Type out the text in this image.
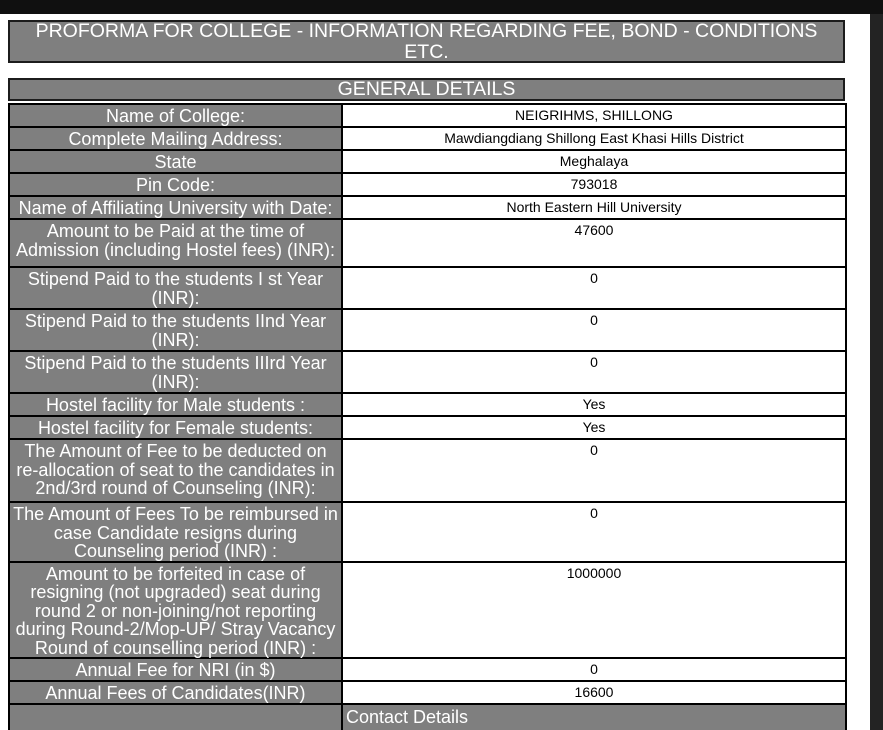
PROFORMA FOR COLLEGE - INFORMATION REGARDING FEE, BOND - CONDITIONS ETC.
GENERAL DETAILS
Name of College:	NEIGRIHMS, SHILLONG
Complete Mailing Address:	Mawdiangdiang Shillong East Khasi Hills District
State	Meghalaya
Pin Code:	793018
Name of Affiliating University with Date:	North Eastern Hill University
Amount to be Paid at the time of Admission (including Hostel fees) (INR):	47600
Stipend Paid to the students I st Year (INR):	0
Stipend Paid to the students IInd Year (INR):	0
Stipend Paid to the students IIIrd Year (INR):	0
Hostel facility for Male students :	Yes
Hostel facility for Female students:	Yes
The Amount of Fee to be deducted on re-allocation of seat to the candidates in 2nd/3rd round of Counseling (INR):	0
The Amount of Fees To be reimbursed in case Candidate resigns during Counseling period (INR) :	0
Amount to be forfeited in case of resigning (not upgraded) seat during round 2 or non-joining/not reporting during Round-2/Mop-UP/ Stray Vacancy Round of counselling period (INR) :	1000000
Annual Fee for NRI (in $)	0
Annual Fees of Candidates(INR)	16600
	Contact Details
